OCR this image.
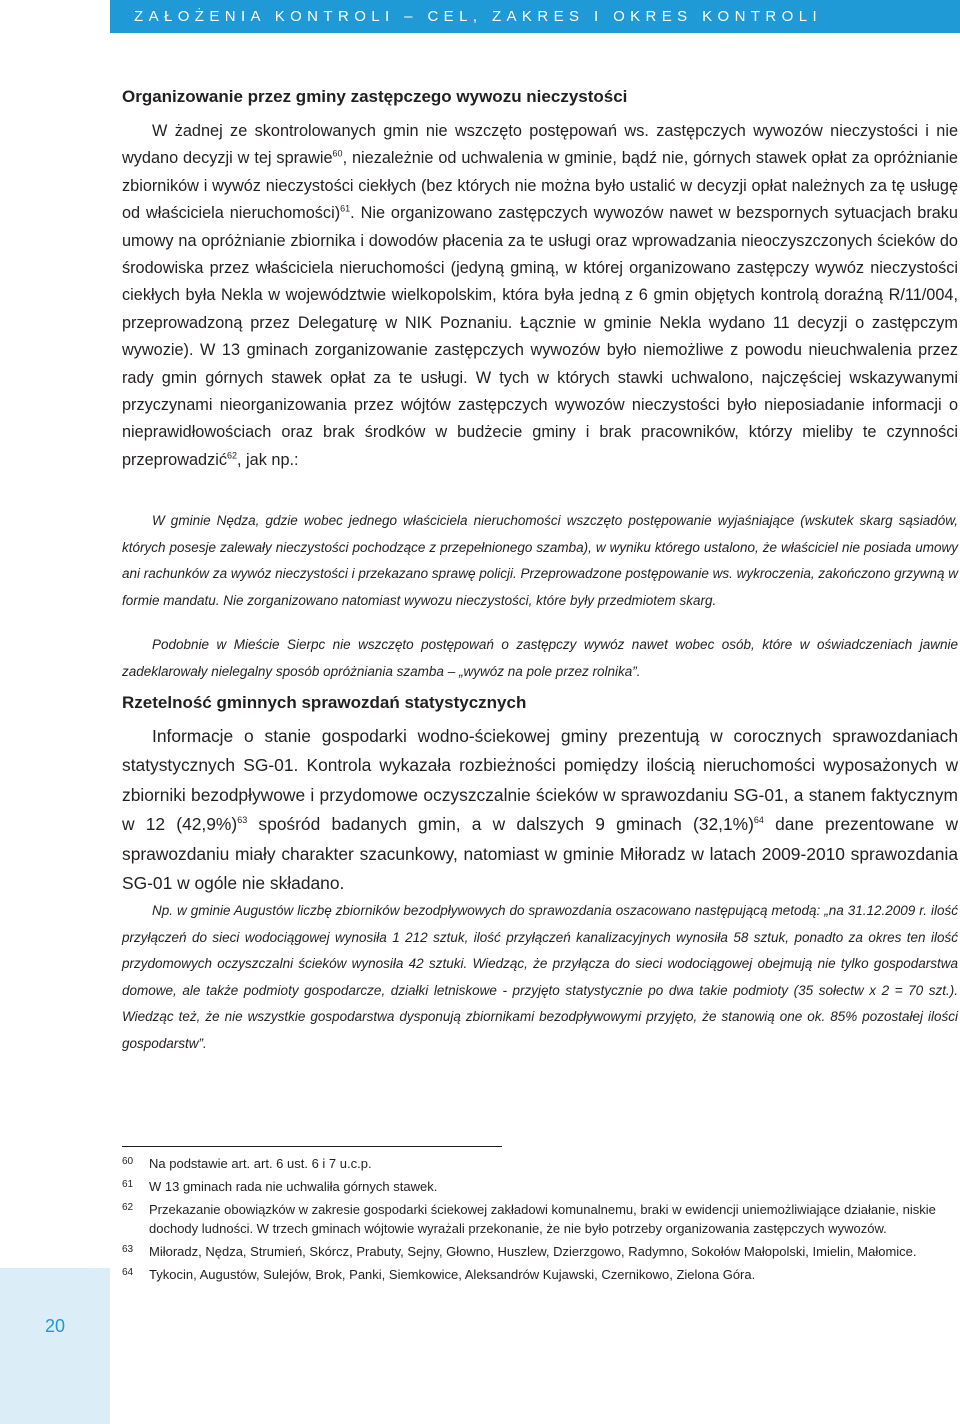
ZAŁOŻENIA KONTROLI – CEL, ZAKRES I OKRES KONTROLI
Organizowanie przez gminy zastępczego wywozu nieczystości

W żadnej ze skontrolowanych gmin nie wszczęto postępowań ws. zastępczych wywozów nieczystości i nie wydano decyzji w tej sprawie$^{60}$, niezależnie od uchwalenia w gminie, bądź nie, górnych stawek opłat za opróżnianie zbiorników i wywóz nieczystości ciekłych (bez których nie można było ustalić w decyzji opłat należnych za tę usługę od właściciela nieruchomości)$^{61}$. Nie organizowano zastępczych wywozów nawet w bezspornych sytuacjach braku umowy na opróżnianie zbiornika i dowodów płacenia za te usługi oraz wprowadzania nieoczyszczonych ścieków do środowiska przez właściciela nieruchomości (jedyną gminą, w której organizowano zastępczy wywóz nieczystości ciekłych była Nekla w województwie wielkopolskim, która była jedną z 6 gmin objętych kontrolą doraźną R/11/004, przeprowadzoną przez Delegaturę w NIK Poznaniu. Łącznie w gminie Nekla wydano 11 decyzji o zastępczym wywozie). W 13 gminach zorganizowanie zastępczych wywozów było niemożliwe z powodu nieuchwalenia przez rady gmin górnych stawek opłat za te usługi. W tych w których stawki uchwalono, najczęściej wskazywanymi przyczynami nieorganizowania przez wójtów zastępczych wywozów nieczystości było nieposiadanie informacji o nieprawidłowościach oraz brak środków w budżecie gminy i brak pracowników, którzy mieliby te czynności przeprowadzić$^{62}$, jak np.:

W gminie Nędza, gdzie wobec jednego właściciela nieruchomości wszczęto postępowanie wyjaśniające (wskutek skarg sąsiadów, których posesje zalewały nieczystości pochodzące z przepełnionego szamba), w wyniku którego ustalono, że właściciel nie posiada umowy ani rachunków za wywóz nieczystości i przekazano sprawę policji. Przeprowadzone postępowanie ws. wykroczenia, zakończono grzywną w formie mandatu. Nie zorganizowano natomiast wywozu nieczystości, które były przedmiotem skarg.

Podobnie w Mieście Sierpc nie wszczęto postępowań o zastępczy wywóz nawet wobec osób, które w oświadczeniach jawnie zadeklarowały nielegalny sposób opróżniania szamba – „wywóz na pole przez rolnika”.

Rzetelność gminnych sprawozdań statystycznych

Informacje o stanie gospodarki wodno-ściekowej gminy prezentują w corocznych sprawozdaniach statystycznych SG-01. Kontrola wykazała rozbieżności pomiędzy ilością nieruchomości wyposażonych w zbiorniki bezodpływowe i przydomowe oczyszczalnie ścieków w sprawozdaniu SG-01, a stanem faktycznym w 12 $(42,9\%)^{63}$ spośród badanych gmin, a w dalszych 9 gminach $(32,1\%)^{64}$ dane prezentowane w sprawozdaniu miały charakter szacunkowy, natomiast w gminie Miłoradz w latach 2009-2010 sprawozdania SG-01 w ogóle nie składano.

Np. w gminie Augustów liczbę zbiorników bezodpływowych do sprawozdania oszacowano następującą metodą: „na 31.12.2009 r. ilość przyłączeń do sieci wodociągowej wynosiła 1 212 sztuk, ilość przyłączeń kanalizacyjnych wynosiła 58 sztuk, ponadto za okres ten ilość przydomowych oczyszczalni ścieków wynosiła 42 sztuki. Wiedząc, że przyłącza do sieci wodociągowej obejmują nie tylko gospodarstwa domowe, ale także podmioty gospodarcze, działki letniskowe - przyjęto statystycznie po dwa takie podmioty (35 sołectw x 2 = 70 szt.). Wiedząc też, że nie wszystkie gospodarstwa dysponują zbiornikami bezodpływowymi przyjęto, że stanowią one ok. 85% pozostałej ilości gospodarstw”.

60 Na podstawie art. art. 6 ust. 6 i 7 u.c.p.
61 W 13 gminach rada nie uchwaliła górnych stawek.
62 Przekazanie obowiązków w zakresie gospodarki ściekowej zakładowi komunalnemu, braki w ewidencji uniemożliwiające działanie, niskie dochody ludności. W trzech gminach wójtowie wyrażali przekonanie, że nie było potrzeby organizowania zastępczych wywozów.
63 Miłoradz, Nędza, Strumień, Skórcz, Prabuty, Sejny, Głowno, Huszlew, Dzierzgowo, Radymno, Sokołów Małopolski, Imielin, Małomice.
64 Tykocin, Augustów, Sulejów, Brok, Panki, Siemkowice, Aleksandrów Kujawski, Czernikowo, Zielona Góra.
20
